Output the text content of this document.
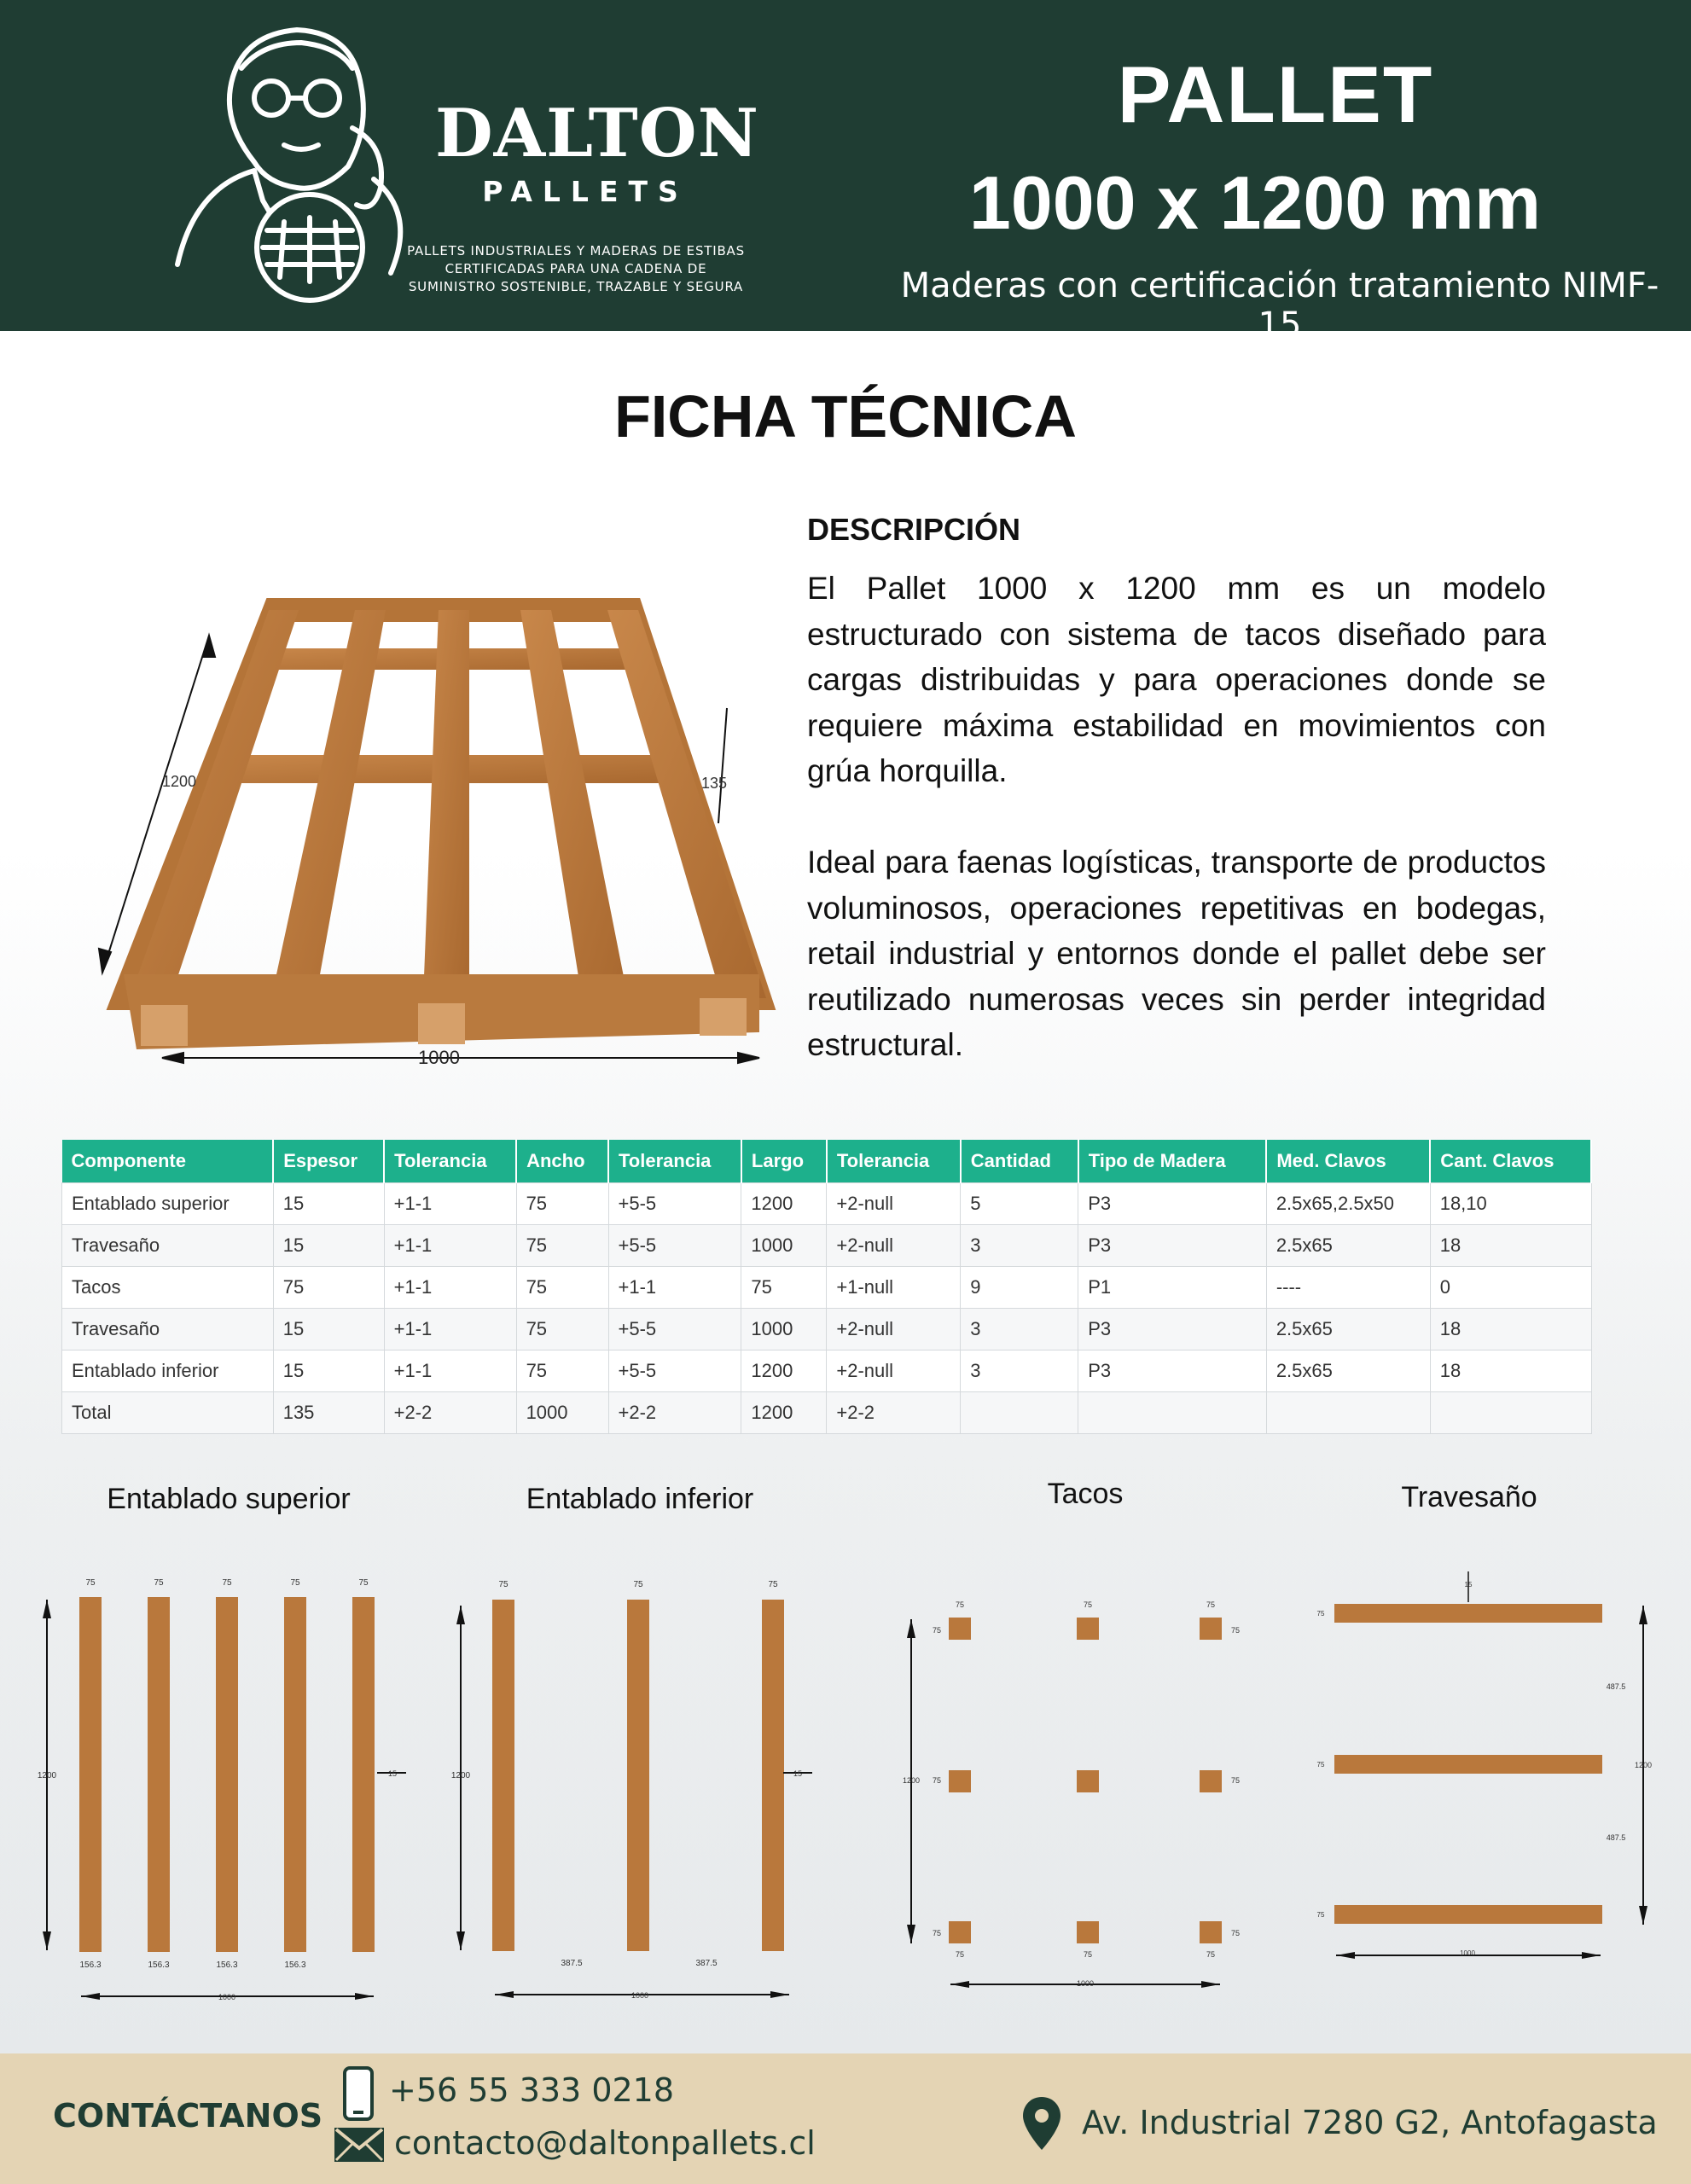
DALTON
PALLETS
PALLETS INDUSTRIALES Y MADERAS DE ESTIBAS
CERTIFICADAS PARA UNA CADENA DE
SUMINISTRO SOSTENIBLE, TRAZABLE Y SEGURA
PALLET
1000 x 1200 mm
Maderas con certificación tratamiento NIMF-15
FICHA TÉCNICA
1200	135
1000
DESCRIPCIÓN

El Pallet 1000 x 1200 mm es un modelo estructurado con sistema de tacos diseñado para cargas distribuidas y para operaciones donde se requiere máxima estabilidad en movimientos con grúa horquilla.

Ideal para faenas logísticas, transporte de productos voluminosos, operaciones repetitivas en bodegas, retail industrial y entornos donde el pallet debe ser reutilizado numerosas veces sin perder integridad estructural.

Componente	Espesor	Tolerancia	Ancho	Tolerancia	Largo	Tolerancia	Cantidad	Tipo de Madera	Med. Clavos	Cant. Clavos
Entablado superior	15	+1-1	75	+5-5	1200	+2-null	5	P3	2.5x65,2.5x50	18,10
Travesaño	15	+1-1	75	+5-5	1000	+2-null	3	P3	2.5x65	18
Tacos	75	+1-1	75	+1-1	75	+1-null	9	P1	----	0
Travesaño	15	+1-1	75	+5-5	1000	+2-null	3	P3	2.5x65	18
Entablado inferior	15	+1-1	75	+5-5	1200	+2-null	3	P3	2.5x65	18
Total	135	+2-2	1000	+2-2	1200	+2-2				
Entablado superior	Entablado inferior	Tacos	Travesaño
75	75	75	75	75
156.3	156.3	156.3	156.3
1200	15
1000
75	75	75
387.5	387.5
1200	15
1000
75
75
75
75
75
75
75
75
75
75
75	75
1200
1000
75
75
75
15
487.5
487.5
1200
1000
CONTÁCTANOS
+56 55 333 0218
contacto@daltonpallets.cl
Av. Industrial 7280 G2, Antofagasta
